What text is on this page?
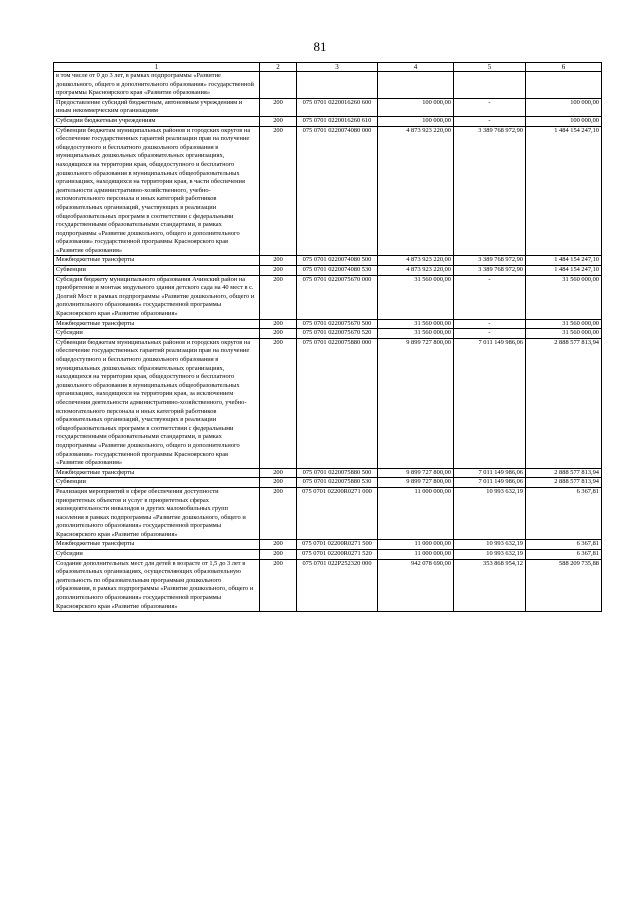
81
1	2	3	4	5	6
в том числе от 0 до 3 лет, в рамках подпрограммы «Развитие дошкольного, общего и дополнительного образования» государственной программы Красноярского края «Развитие образования»					
Предоставление субсидий бюджетным, автономным учреждениям и иным некоммерческим организациям	200	075 0701 0220016260 600	100 000,00	-	100 000,00
Субсидии бюджетным учреждениям	200	075 0701 0220016260 610	100 000,00	-	100 000,00
Субвенции бюджетам муниципальных районов и городских округов на обеспечение государственных гарантий реализации прав на получение общедоступного и бесплатного дошкольного образования в муниципальных дошкольных образовательных организациях, находящихся на территории края, общедоступного и бесплатного дошкольного образования в муниципальных общеобразовательных организациях, находящихся на территории края, в части обеспечения деятельности административно-хозяйственного, учебно-вспомогательного персонала и иных категорий работников образовательных организаций, участвующих в реализации общеобразовательных программ в соответствии с федеральными государственными образовательными стандартами, в рамках подпрограммы «Развитие дошкольного, общего и дополнительного образования» государственной программы Красноярского края «Развитие образования»	200	075 0701 0220074080 000	4 873 923 220,00	3 389 768 972,90	1 484 154 247,10
Межбюджетные трансферты	200	075 0701 0220074080 500	4 873 923 220,00	3 389 768 972,90	1 484 154 247,10
Субвенции	200	075 0701 0220074080 530	4 873 923 220,00	3 389 768 972,90	1 484 154 247,10
Субсидия бюджету муниципального образования Ачинский район на приобретение и монтаж модульного здания детского сада на 40 мест в с. Долгий Мост в рамках подпрограммы «Развитие дошкольного, общего и дополнительного образования» государственной программы Красноярского края «Развитие образования»	200	075 0701 0220075670 000	31 560 000,00	-	31 560 000,00
Межбюджетные трансферты	200	075 0701 0220075670 500	31 560 000,00	-	31 560 000,00
Субсидии	200	075 0701 0220075670 520	31 560 000,00	-	31 560 000,00
Субвенции бюджетам муниципальных районов и городских округов на обеспечение государственных гарантий реализации прав на получение общедоступного и бесплатного дошкольного образования в муниципальных дошкольных образовательных организациях, находящихся на территории края, общедоступного и бесплатного дошкольного образования в муниципальных общеобразовательных организациях, находящихся на территории края, за исключением обеспечения деятельности административно-хозяйственного, учебно-вспомогательного персонала и иных категорий работников образовательных организаций, участвующих в реализации общеобразовательных программ в соответствии с федеральными государственными образовательными стандартами, в рамках подпрограммы «Развитие дошкольного, общего и дополнительного образования» государственной программы Красноярского края «Развитие образования»	200	075 0701 0220075880 000	9 899 727 800,00	7 011 149 986,06	2 888 577 813,94
Межбюджетные трансферты	200	075 0701 0220075880 500	9 899 727 800,00	7 011 149 986,06	2 888 577 813,94
Субвенции	200	075 0701 0220075880 530	9 899 727 800,00	7 011 149 986,06	2 888 577 813,94
Реализация мероприятий в сфере обеспечения доступности приоритетных объектов и услуг в приоритетных сферах жизнедеятельности инвалидов и других маломобильных групп населения в рамках подпрограммы «Развитие дошкольного, общего и дополнительного образования» государственной программы Красноярского края «Развитие образования»	200	075 0701 02200R0271 000	11 000 000,00	10 993 632,19	6 367,81
Межбюджетные трансферты	200	075 0701 02200R0271 500	11 000 000,00	10 993 632,19	6 367,81
Субсидии	200	075 0701 02200R0271 520	11 000 000,00	10 993 632,19	6 367,81
Создание дополнительных мест для детей в возрасте от 1,5 до 3 лет в образовательных организациях, осуществляющих образовательную деятельность по образовательным программам дошкольного образования, в рамках подпрограммы «Развитие дошкольного, общего и дополнительного образования» государственной программы Красноярского края «Развитие образования»	200	075 0701 022P252320 000	942 078 690,00	353 868 954,12	588 209 735,88
